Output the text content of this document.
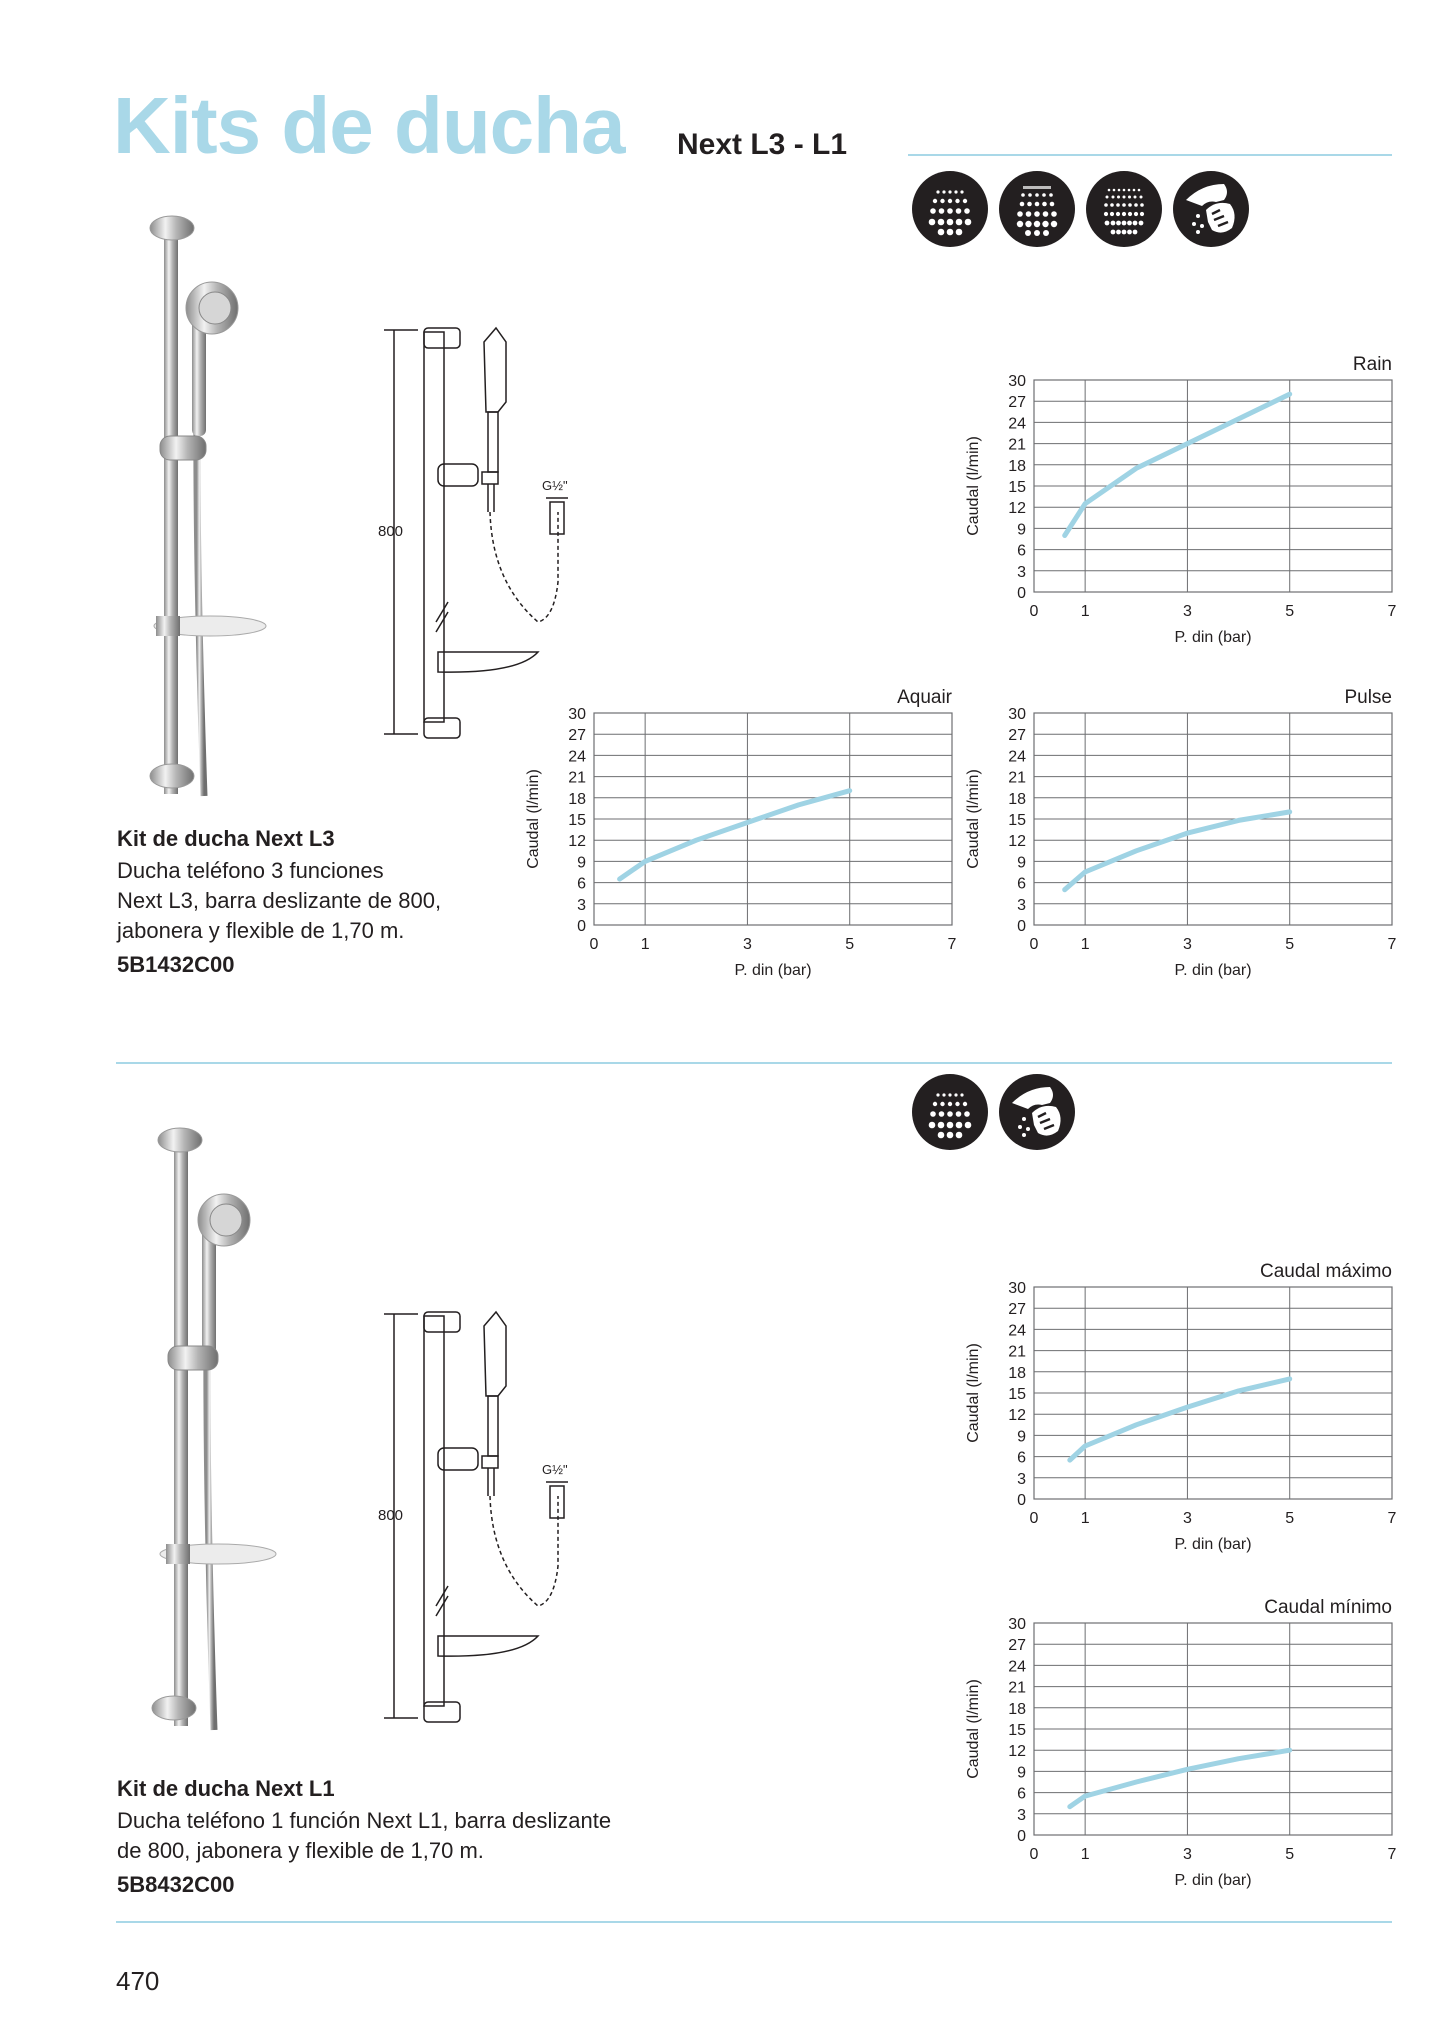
Kits de ducha Next L3 - L1
800
G½"
Kit de ducha Next L3
Ducha teléfono 3 funciones
Next L3, barra deslizante de 800,
jabonera y flexible de 1,70 m.
5B1432C00
0
3
6
9
12
15
18
21
24
27
30
0	1	3	5	7
Rain
P. din (bar)
Caudal (l/min)
0
3
6
9
12
15
18
21
24
27
30
0	1	3	5	7
Aquair
P. din (bar)
Caudal (l/min)
0
3
6
9
12
15
18
21
24
27
30
0	1	3	5	7
Pulse
P. din (bar)
Caudal (l/min)
800
G½"
Kit de ducha Next L1
Ducha teléfono 1 función Next L1, barra deslizante
de 800, jabonera y flexible de 1,70 m.
5B8432C00
0
3
6
9
12
15
18
21
24
27
30
0	1	3	5	7
Caudal máximo
P. din (bar)
Caudal (l/min)
0
3
6
9
12
15
18
21
24
27
30
0	1	3	5	7
Caudal mínimo
P. din (bar)
Caudal (l/min)
470
